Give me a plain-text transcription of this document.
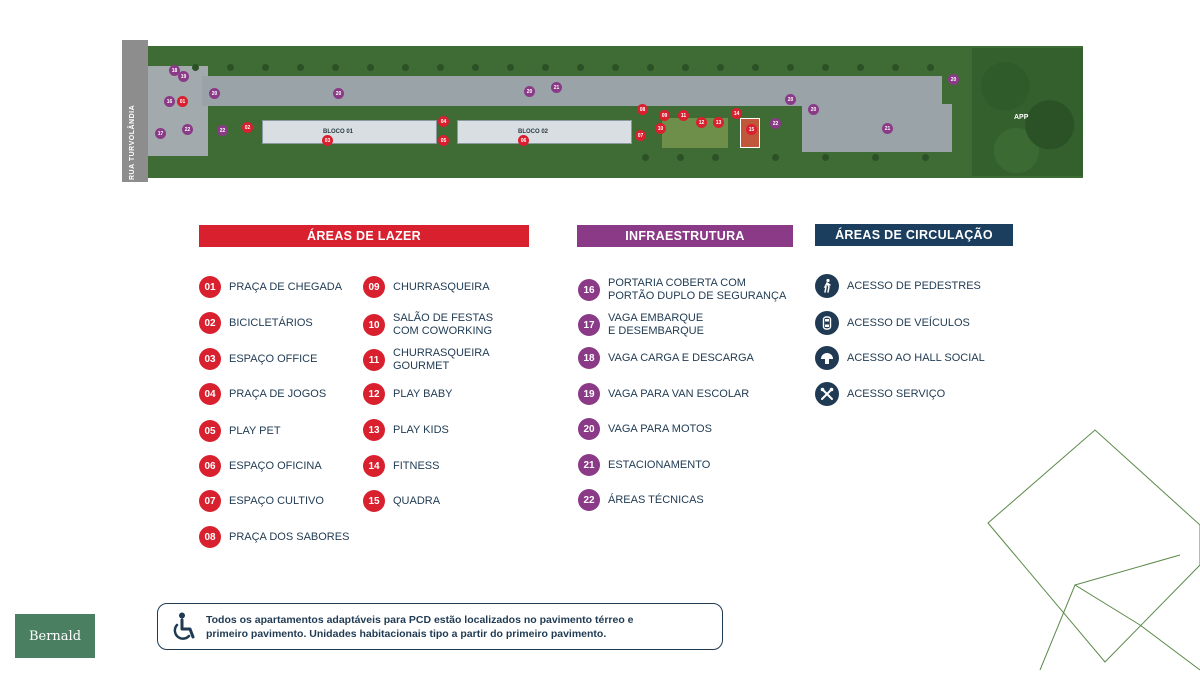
APP
RUA TURVOLÂNDIA	BLOCO 01	BLOCO 02
18
19
16	01
17
20
22	22	02
20
03
04
05
20
21
06
08
09
10
07
11
12	13
14
15
22
20
20
20
21
ÁREAS DE LAZER	INFRAESTRUTURA	ÁREAS DE CIRCULAÇÃO
01	PRAÇA DE CHEGADA
02	BICICLETÁRIOS
03	ESPAÇO OFFICE
04	PRAÇA DE JOGOS
05	PLAY PET
06	ESPAÇO OFICINA
07	ESPAÇO CULTIVO
08	PRAÇA DOS SABORES
09	CHURRASQUEIRA
10
SALÃO DE FESTAS
COM COWORKING
11
CHURRASQUEIRA
GOURMET
12	PLAY BABY
13	PLAY KIDS
14	FITNESS
15	QUADRA
16
PORTARIA COBERTA COM
PORTÃO DUPLO DE SEGURANÇA
17
VAGA EMBARQUE
E DESEMBARQUE
18	VAGA CARGA E DESCARGA
19	VAGA PARA VAN ESCOLAR
20	VAGA PARA MOTOS
21	ESTACIONAMENTO
22	ÁREAS TÉCNICAS
ACESSO DE PEDESTRES
ACESSO DE VEÍCULOS
ACESSO AO HALL SOCIAL
ACESSO SERVIÇO
Todos os apartamentos adaptáveis para PCD estão localizados no pavimento térreo e
primeiro pavimento. Unidades habitacionais tipo a partir do primeiro pavimento.
Bernald
